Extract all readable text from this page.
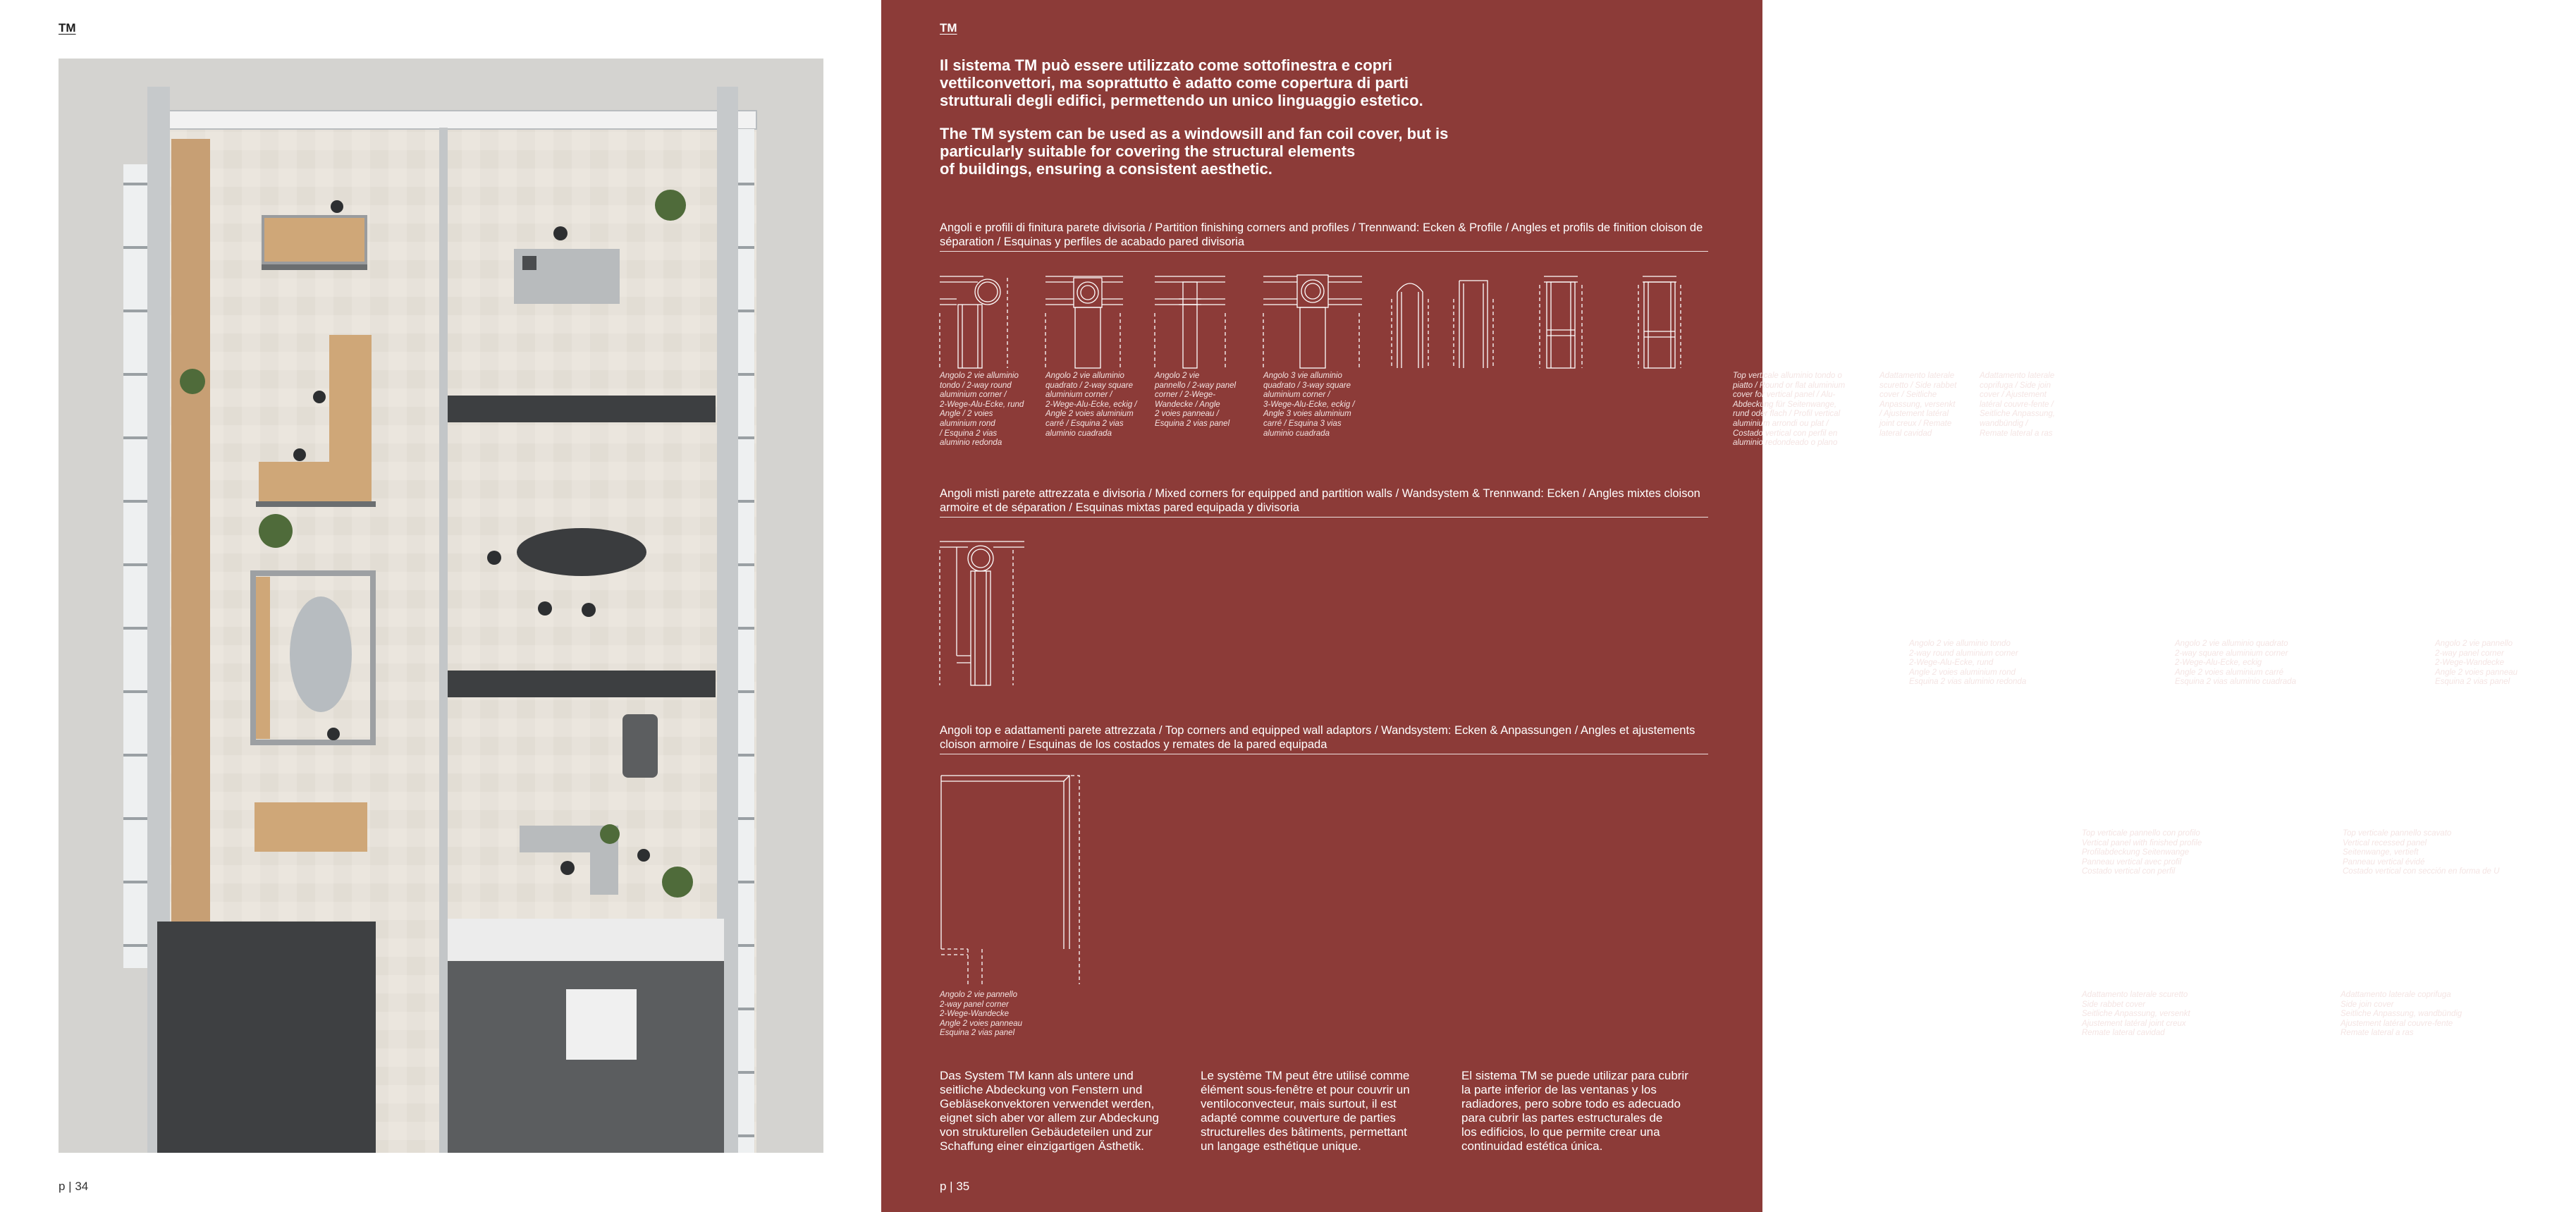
TM
p | 34
TM
Il sistema TM può essere utilizzato come sottofinestra e copri
vettilconvettori, ma soprattutto è adatto come copertura di parti
strutturali degli edifici, permettendo un unico linguaggio estetico.
The TM system can be used as a windowsill and fan coil cover, but is
particularly suitable for covering the structural elements
of buildings, ensuring a consistent aesthetic.
Angoli e profili di finitura parete divisoria / Partition finishing corners and profiles / Trennwand: Ecken & Profile / Angles et profils de finition cloison de séparation / Esquinas y perfiles de acabado pared divisoria
Angolo 2 vie alluminio
tondo / 2-way round
aluminium corner /
2-Wege-Alu-Ecke, rund
Angle / 2 voies
aluminium rond
/ Esquina 2 vias
aluminio redonda
Angolo 2 vie alluminio
quadrato / 2-way square
aluminium corner /
2-Wege-Alu-Ecke, eckig /
Angle 2 voies aluminium
carré / Esquina 2 vias
aluminio cuadrada
Angolo 2 vie
pannello / 2-way panel
corner / 2-Wege-
Wandecke / Angle
2 voies panneau /
Esquina 2 vias panel
Angolo 3 vie alluminio
quadrato / 3-way square
aluminium corner /
3-Wege-Alu-Ecke, eckig /
Angle 3 voies aluminium
carré / Esquina 3 vias
aluminio cuadrada
Top verticale alluminio tondo o
piatto / Round or flat aluminium
cover for vertical panel / Alu-
Abdeckung für Seitenwange,
rund oder flach / Profil vertical
aluminium arrondi ou plat /
Costado vertical con perfil en
aluminio redondeado o plano
Adattamento laterale
scuretto / Side rabbet
cover / Seitliche
Anpassung, versenkt
/ Ajustement latéral
joint creux / Remate
lateral cavidad
Adattamento laterale
coprifuga / Side join
cover / Ajustement
latéral couvre-fente /
Seitliche Anpassung,
wandbündig /
Remate lateral a ras
Angoli misti parete attrezzata e divisoria / Mixed corners for equipped and partition walls / Wandsystem & Trennwand: Ecken / Angles mixtes cloison armoire et de séparation / Esquinas mixtas pared equipada y divisoria
Angolo 2 vie alluminio tondo
2-way round aluminium corner
2-Wege-Alu-Ecke, rund
Angle 2 voies aluminium rond
Esquina 2 vias aluminio redonda
Angolo 2 vie alluminio quadrato
2-way square aluminium corner
2-Wege-Alu-Ecke, eckig
Angle 2 voies aluminium carré
Esquina 2 vias aluminio cuadrada
Angolo 2 vie pannello
2-way panel corner
2-Wege-Wandecke
Angle 2 voies panneau
Esquina 2 vias panel
Angoli top e adattamenti parete attrezzata / Top corners and equipped wall adaptors / Wandsystem: Ecken & Anpassungen / Angles et ajustements cloison armoire / Esquinas de los costados y remates de la pared equipada
Angolo 2 vie pannello
2-way panel corner
2-Wege-Wandecke
Angle 2 voies panneau
Esquina 2 vias panel
Top verticale pannello con profilo
Vertical panel with finished profile
Profilabdeckung Seitenwange
Panneau vertical avec profil
Costado vertical con perfil
Top verticale pannello scavato
Vertical recessed panel
Seitenwange, vertieft
Panneau vertical évidé
Costado vertical con sección en forma de U
Adattamento laterale scuretto
Side rabbet cover
Seitliche Anpassung, versenkt
Ajustement latéral joint creux
Remate lateral cavidad
Adattamento laterale coprifuga
Side join cover
Seitliche Anpassung, wandbündig
Ajustement latéral couvre-fente
Remate lateral a ras
Das System TM kann als untere und
seitliche Abdeckung von Fenstern und
Gebläsekonvektoren verwendet werden,
eignet sich aber vor allem zur Abdeckung
von strukturellen Gebäudeteilen und zur
Schaffung einer einzigartigen Ästhetik.
Le système TM peut être utilisé comme
élément sous-fenêtre et pour couvrir un
ventiloconvecteur, mais surtout, il est
adapté comme couverture de parties
structurelles des bâtiments, permettant
un langage esthétique unique.
El sistema TM se puede utilizar para cubrir
la parte inferior de las ventanas y los
radiadores, pero sobre todo es adecuado
para cubrir las partes estructurales de
los edificios, lo que permite crear una
continuidad estética única.
p | 35
